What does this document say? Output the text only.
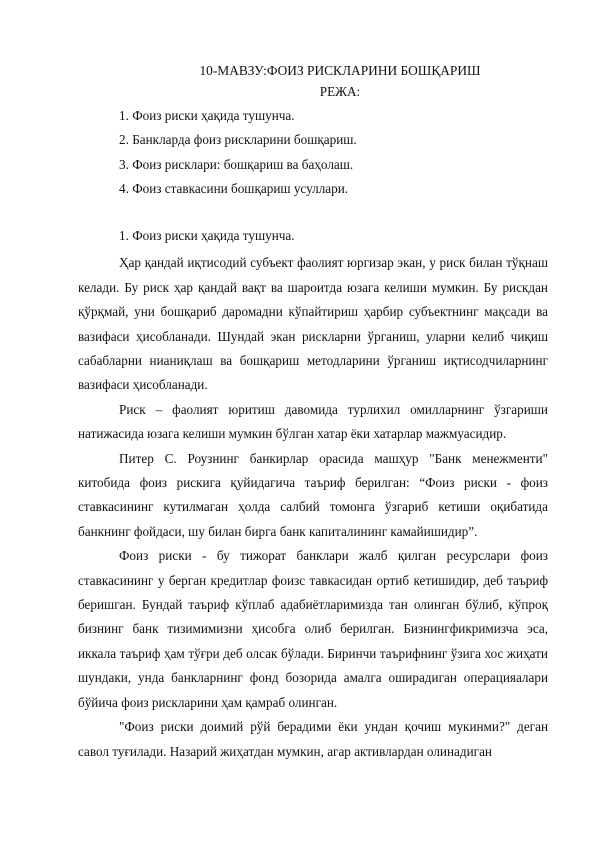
10-МАВЗУ:ФОИЗ РИСКЛАРИНИ БОШҚАРИШ
РЕЖА:
1. Фоиз риски ҳақида тушунча.
2. Банкларда фоиз рискларини бошқариш.
3. Фоиз рисклари: бошқариш ва баҳолаш.
4. Фоиз ставкасини бошқариш усуллари.
1. Фоиз риски ҳақида тушунча.

Ҳар қандай иқтисодий субъект фаолият юргизар экан, у риск билан тўқнаш келади. Бу риск ҳар қандай вақт ва шароитда юзага келиши мумкин. Бу рискдан қўрқмай, уни бошқариб даромадни кўпайтириш ҳарбир субъектнинг мақсади ва вазифаси ҳисобланади. Шундай экан рискларни ўрганиш, уларни келиб чиқиш сабабларни нианиқлаш ва бошқариш методларини ўрганиш иқтисодчиларнинг вазифаси ҳисобланади.

Риск – фаолият юритиш давомида турлихил омилларнинг ўзгариши натижасида юзага келиши мумкин бўлган хатар ёки хатарлар мажмуасидир.

Питер С. Роузнинг банкирлар орасида машҳур "Банк менежменти" китобида фоиз рискига қуйидагича таъриф берилган: “Фоиз риски - фоиз ставкасининг кутилмаган ҳолда салбий томонга ўзгариб кетиши оқибатида банкнинг фойдаси, шу билан бирга банк капиталининг камайишидир”.

Фоиз риски - бу тижорат банклари жалб қилган ресурслари фоиз ставкасининг у берган кредитлар фоизс тавкасидан ортиб кетишидир, деб таъриф беришган. Бундай таъриф кўплаб адабиётларимизда тан олинган бўлиб, кўпроқ бизнинг банк тизимимизни ҳисобга олиб берилган. Бизнингфикримизча эса, иккала таъриф ҳам тўғри деб олсак бўлади. Биринчи таърифнинг ўзига хос жиҳати шундаки, унда банкларнинг фонд бозорида амалга оширадиган операцияалари бўйича фоиз рискларини ҳам қамраб олинган.

"Фоиз риски доимий рўй берадими ёки ундан қочиш мукинми?" деган савол туғилади. Назарий жиҳатдан мумкин, агар активлардан олинадиган
